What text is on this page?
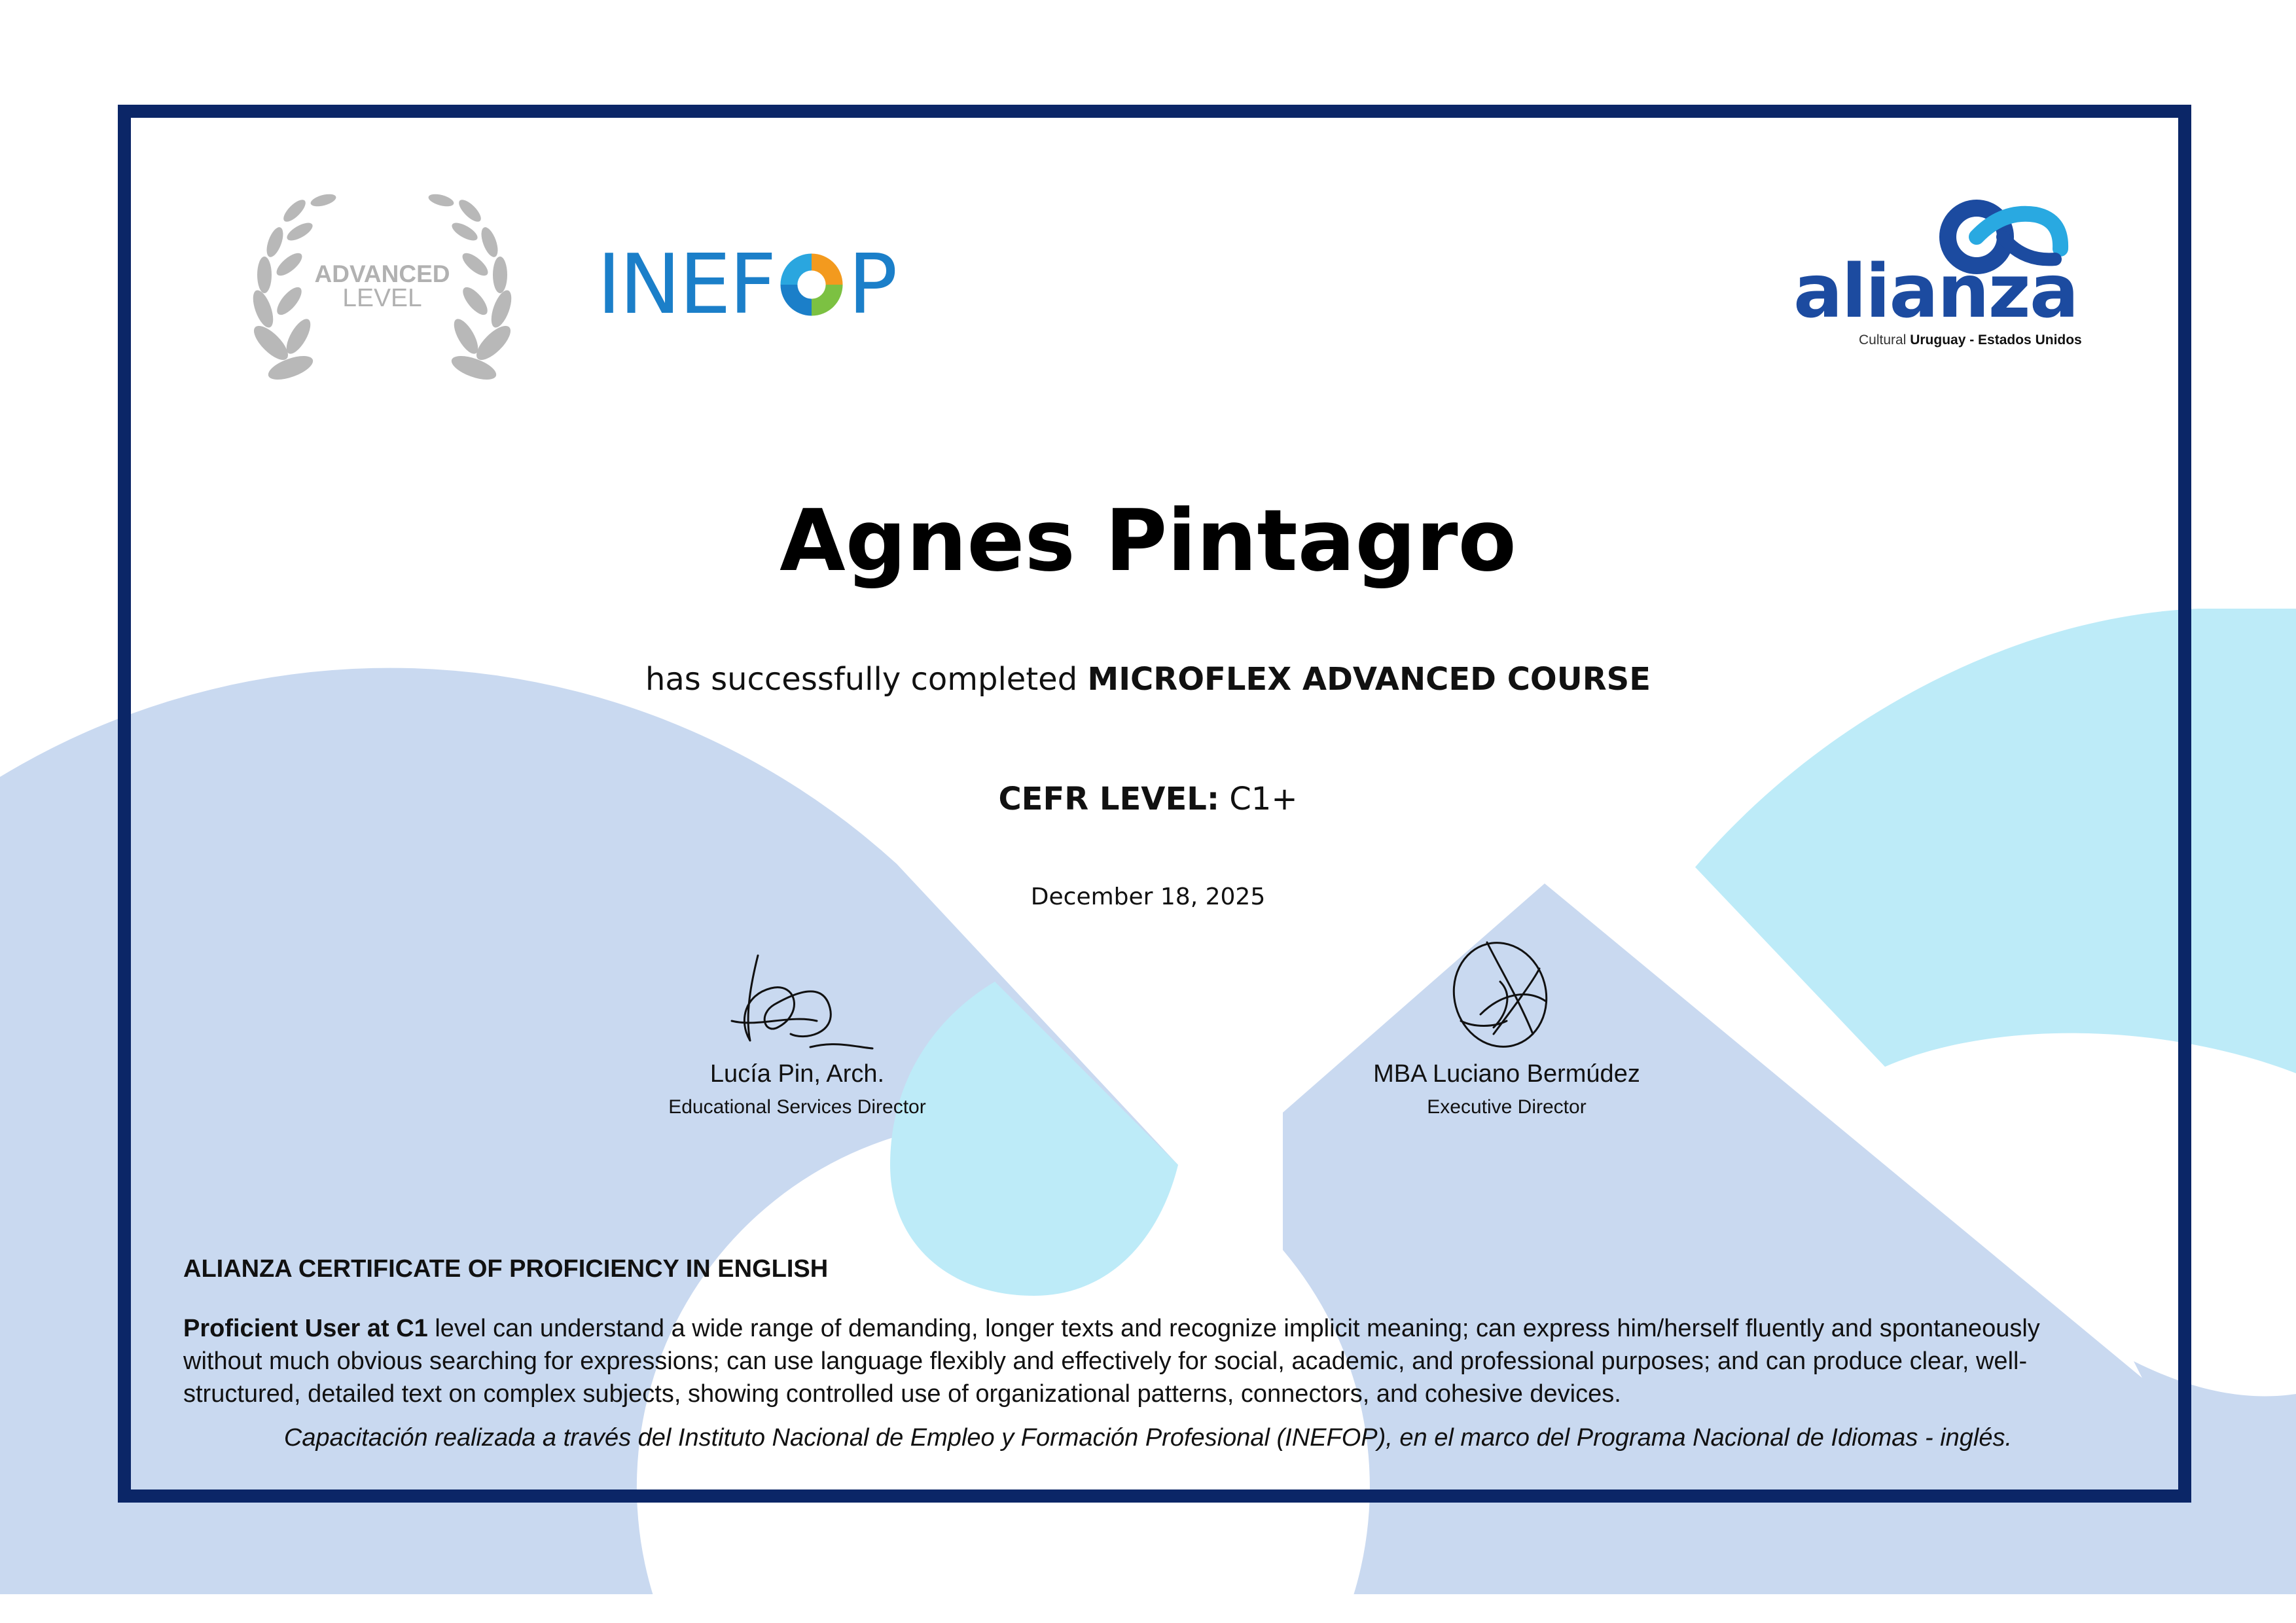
ADVANCED
LEVEL	INEF P	alianza
Cultural Uruguay - Estados Unidos
Agnes Pintagro
has successfully completed MICROFLEX ADVANCED COURSE
CEFR LEVEL: C1+
December 18, 2025
Lucía Pin, Arch.
Educational Services Director
MBA Luciano Bermúdez
Executive Director
ALIANZA CERTIFICATE OF PROFICIENCY IN ENGLISH
Proficient User at C1 level can understand a wide range of demanding, longer texts and recognize implicit meaning; can express him/herself fluently and spontaneously without much obvious searching for expressions; can use language flexibly and effectively for social, academic, and professional purposes; and can produce clear, well-structured, detailed text on complex subjects, showing controlled use of organizational patterns, connectors, and cohesive devices.
Capacitación realizada a través del Instituto Nacional de Empleo y Formación Profesional (INEFOP), en el marco del Programa Nacional de Idiomas - inglés.
